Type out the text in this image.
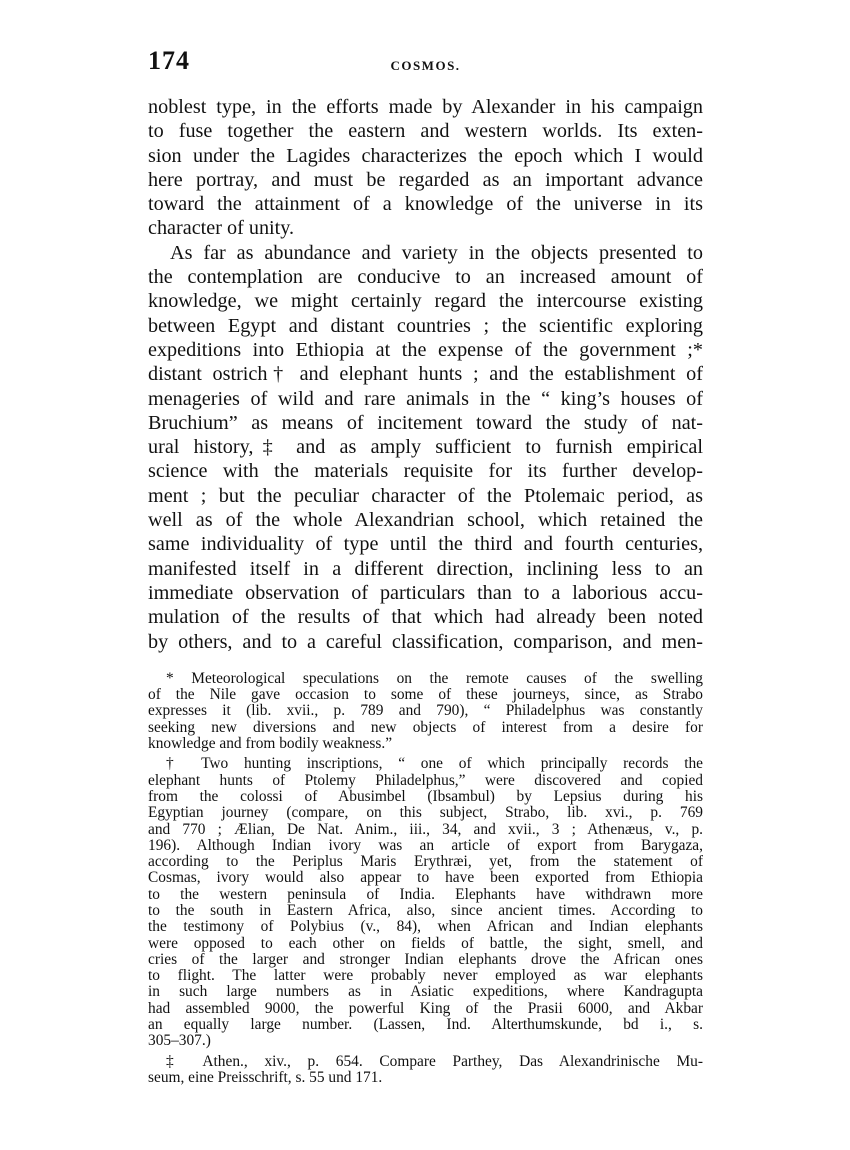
174	COSMOS.
noblest type, in the efforts made by Alexander in his campaign
to fuse together the eastern and western worlds. Its exten-
sion under the Lagides characterizes the epoch which I would
here portray, and must be regarded as an important advance
toward the attainment of a knowledge of the universe in its
character of unity.
As far as abundance and variety in the objects presented to
the contemplation are conducive to an increased amount of
knowledge, we might certainly regard the intercourse existing
between Egypt and distant countries ; the scientific exploring
expeditions into Ethiopia at the expense of the government ;*
distant ostrich† and elephant hunts ; and the establishment of
menageries of wild and rare animals in the “ king’s houses of
Bruchium” as means of incitement toward the study of nat-
ural history,‡ and as amply sufficient to furnish empirical
science with the materials requisite for its further develop-
ment ; but the peculiar character of the Ptolemaic period, as
well as of the whole Alexandrian school, which retained the
same individuality of type until the third and fourth centuries,
manifested itself in a different direction, inclining less to an
immediate observation of particulars than to a laborious accu-
mulation of the results of that which had already been noted
by others, and to a careful classification, comparison, and men-
* Meteorological speculations on the remote causes of the swelling
of the Nile gave occasion to some of these journeys, since, as Strabo
expresses it (lib. xvii., p. 789 and 790), “ Philadelphus was constantly
seeking new diversions and new objects of interest from a desire for
knowledge and from bodily weakness.”
† Two hunting inscriptions, “ one of which principally records the
elephant hunts of Ptolemy Philadelphus,” were discovered and copied
from the colossi of Abusimbel (Ibsambul) by Lepsius during his
Egyptian journey (compare, on this subject, Strabo, lib. xvi., p. 769
and 770 ; Ælian, De Nat. Anim., iii., 34, and xvii., 3 ; Athenæus, v., p.
196). Although Indian ivory was an article of export from Barygaza,
according to the Periplus Maris Erythræi, yet, from the statement of
Cosmas, ivory would also appear to have been exported from Ethiopia
to the western peninsula of India. Elephants have withdrawn more
to the south in Eastern Africa, also, since ancient times. According to
the testimony of Polybius (v., 84), when African and Indian elephants
were opposed to each other on fields of battle, the sight, smell, and
cries of the larger and stronger Indian elephants drove the African ones
to flight. The latter were probably never employed as war elephants
in such large numbers as in Asiatic expeditions, where Kandragupta
had assembled 9000, the powerful King of the Prasii 6000, and Akbar
an equally large number. (Lassen, Ind. Alterthumskunde, bd i., s.
305–307.)
‡ Athen., xiv., p. 654. Compare Parthey, Das Alexandrinische Mu-
seum, eine Preisschrift, s. 55 und 171.
